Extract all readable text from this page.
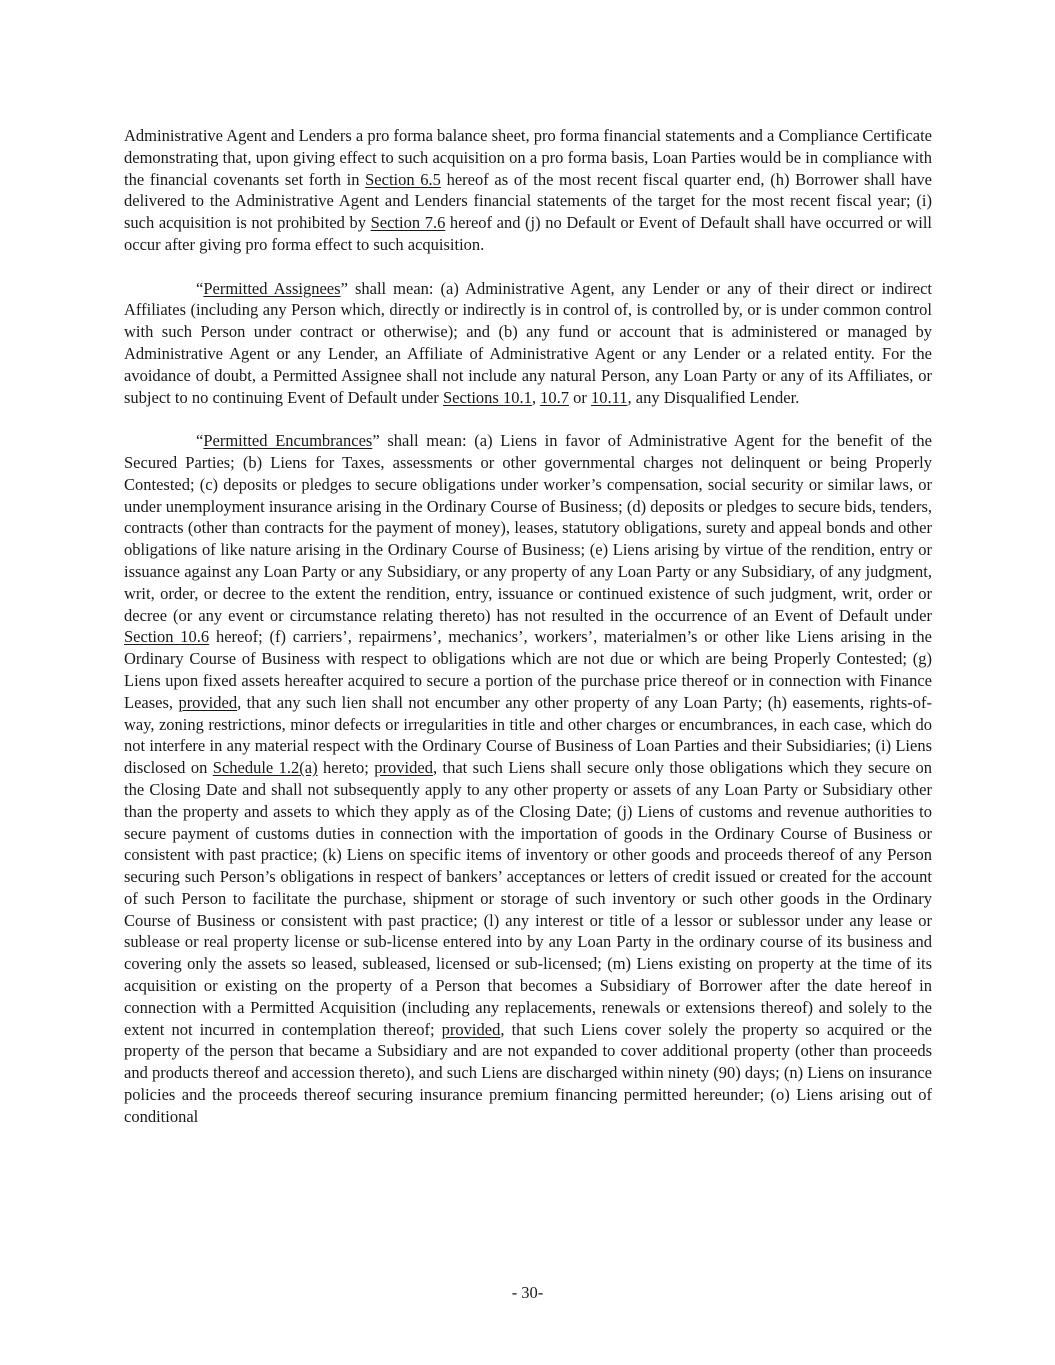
Administrative Agent and Lenders a pro forma balance sheet, pro forma financial statements and a Compliance Certificate demonstrating that, upon giving effect to such acquisition on a pro forma basis, Loan Parties would be in compliance with the financial covenants set forth in Section 6.5 hereof as of the most recent fiscal quarter end, (h) Borrower shall have delivered to the Administrative Agent and Lenders financial statements of the target for the most recent fiscal year; (i) such acquisition is not prohibited by Section 7.6 hereof and (j) no Default or Event of Default shall have occurred or will occur after giving pro forma effect to such acquisition.

“Permitted Assignees” shall mean: (a) Administrative Agent, any Lender or any of their direct or indirect Affiliates (including any Person which, directly or indirectly is in control of, is controlled by, or is under common control with such Person under contract or otherwise); and (b) any fund or account that is administered or managed by Administrative Agent or any Lender, an Affiliate of Administrative Agent or any Lender or a related entity. For the avoidance of doubt, a Permitted Assignee shall not include any natural Person, any Loan Party or any of its Affiliates, or subject to no continuing Event of Default under Sections 10.1, 10.7 or 10.11, any Disqualified Lender.

“Permitted Encumbrances” shall mean: (a) Liens in favor of Administrative Agent for the benefit of the Secured Parties; (b) Liens for Taxes, assessments or other governmental charges not delinquent or being Properly Contested; (c) deposits or pledges to secure obligations under worker’s compensation, social security or similar laws, or under unemployment insurance arising in the Ordinary Course of Business; (d) deposits or pledges to secure bids, tenders, contracts (other than contracts for the payment of money), leases, statutory obligations, surety and appeal bonds and other obligations of like nature arising in the Ordinary Course of Business; (e) Liens arising by virtue of the rendition, entry or issuance against any Loan Party or any Subsidiary, or any property of any Loan Party or any Subsidiary, of any judgment, writ, order, or decree to the extent the rendition, entry, issuance or continued existence of such judgment, writ, order or decree (or any event or circumstance relating thereto) has not resulted in the occurrence of an Event of Default under Section 10.6 hereof; (f) carriers’, repairmens’, mechanics’, workers’, materialmen’s or other like Liens arising in the Ordinary Course of Business with respect to obligations which are not due or which are being Properly Contested; (g) Liens upon fixed assets hereafter acquired to secure a portion of the purchase price thereof or in connection with Finance Leases, provided, that any such lien shall not encumber any other property of any Loan Party; (h) easements, rights-of-way, zoning restrictions, minor defects or irregularities in title and other charges or encumbrances, in each case, which do not interfere in any material respect with the Ordinary Course of Business of Loan Parties and their Subsidiaries; (i) Liens disclosed on Schedule 1.2(a) hereto; provided, that such Liens shall secure only those obligations which they secure on the Closing Date and shall not subsequently apply to any other property or assets of any Loan Party or Subsidiary other than the property and assets to which they apply as of the Closing Date; (j) Liens of customs and revenue authorities to secure payment of customs duties in connection with the importation of goods in the Ordinary Course of Business or consistent with past practice; (k) Liens on specific items of inventory or other goods and proceeds thereof of any Person securing such Person’s obligations in respect of bankers’ acceptances or letters of credit issued or created for the account of such Person to facilitate the purchase, shipment or storage of such inventory or such other goods in the Ordinary Course of Business or consistent with past practice; (l) any interest or title of a lessor or sublessor under any lease or sublease or real property license or sub-license entered into by any Loan Party in the ordinary course of its business and covering only the assets so leased, subleased, licensed or sub-licensed; (m) Liens existing on property at the time of its acquisition or existing on the property of a Person that becomes a Subsidiary of Borrower after the date hereof in connection with a Permitted Acquisition (including any replacements, renewals or extensions thereof) and solely to the extent not incurred in contemplation thereof; provided, that such Liens cover solely the property so acquired or the property of the person that became a Subsidiary and are not expanded to cover additional property (other than proceeds and products thereof and accession thereto), and such Liens are discharged within ninety (90) days; (n) Liens on insurance policies and the proceeds thereof securing insurance premium financing permitted hereunder; (o) Liens arising out of conditional

- 30-
